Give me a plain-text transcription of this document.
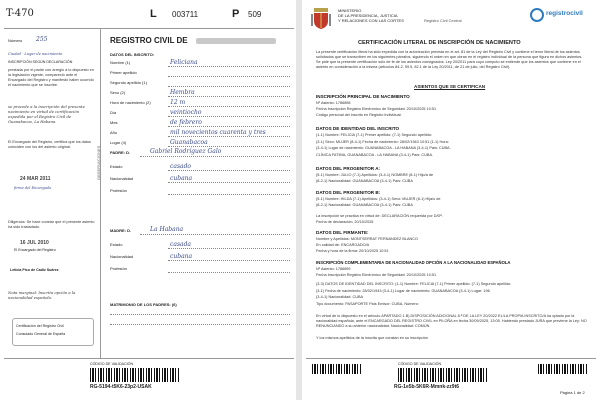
T-470	L 003711	P 509
Número 255
Ciudad · Lugar de nacimiento
INSCRIPCIÓN SEGÚN DECLARACIÓN
prestada por el padre con arreglo a lo dispuesto en la legislación vigente, compareció ante el Encargado del Registro y manifestó haber ocurrido el nacimiento que se inscribe.
se procede a la inscripción del presente nacimiento en virtud de certificación expedida por el Registro Civil de Guanabacoa, La Habana.
El Encargado del Registro, certifica que los datos coinciden con los del asiento original.
24 MAR 2011
firma del Encargado
Diligencia: Se hace constar que el presente asiento ha sido trasladado.
16 JUL 2010
El Encargado del Registro
Leticia Pico de Cadiz Suárez
Nota marginal: Inscrita opción a la nacionalidad española.
Certificación del Registro Civil
Consulado General de España
REGISTRO CIVIL DE
DATOS DEL INSCRITO:
Nombre (1)	Feliciana
Primer apellido
Segundo apellido (1)
Sexo (2)	Hembra
Hora de nacimiento (2)	12 m
Día	veintiocho
Mes	de febrero
Año	mil novecientos cuarenta y tres
Lugar (4)	Guanabacoa
PADRE: D.	Gabriel Rodríguez Galo
Estado	casado
Nacionalidad	cubana
Profesión
MADRE: D.	La Habana
Estado	casada
Nacionalidad	cubana
Profesión
MATRIMONIO DE LOS PADRES: (6)
OBSERVACIONES
CÓDIGO DE VALIDACIÓN
RG-5194-t5K6-23p2-USAK
MINISTERIO
DE LA PRESIDENCIA, JUSTICIA
Y RELACIONES CON LAS CORTES	Registro Civil Central
registrocivil
CERTIFICACIÓN LITERAL DE INSCRIPCIÓN DE NACIMIENTO
La presente certificación literal ha sido expedida con la autorización prevista en el art. 81 de la Ley del Registro Civil y contiene el tenor literal de los asientos solicitados que se transcriben en los siguientes párrafos, siguiendo el orden en que obran en el registro individual de la persona que figura en dichos asientos. Se pide que la presente certificación sólo de fe de los asientos consignados. Ley 20/2011 para cuyo cómputo se entiende que los asientos que contiene en el asiento en consideración a la misma (artículos 84-2, 59.5, 82.1 de la Ley 20/2011, de 21 de julio, del Registro Civil).
ASIENTOS QUE SE CERTIFICAN
INSCRIPCIÓN PRINCIPAL DE NACIMIENTO
Nº Asiento: 1786898
Fecha Inscripción Registro Electrónico de Seguridad: 20/10/2025 10:51
Código personal del inscrito en Registro Individual:
DATOS DE IDENTIDAD DEL INSCRITO
(1-1) Nombre: FELICIA (7-1) Primer apellido: (7-1) Segundo apellido:
(3-1) Sexo: MUJER (8-4-1) Fecha de nacimiento: 28/02/1943 10:51 (1-1) Hora:
(3-4-1) Lugar de nacimiento: GUANABACOA - LA HABANA (3-4-1) País: CUBA.
CLÍNICA FATIMA, GUANABACOA - LA HABANA (3-4-1) País: CUBA.
DATOS DEL PROGENITOR A:
(5-1) Nombre: JULIO (7-1) Apellidos: (3-4-1) NOMBRE (8-1) Hijo/a de
(8-2-1) Nacionalidad: GUANABACOA (3-4-1) País: CUBA
DATOS DEL PROGENITOR B:
(5-1) Nombre: HILDA (7-1) Apellidos: (3-4-1) Sexo: MUJER (8-1) Hija/o de
(8-2-1) Nacionalidad: GUANABACOA (3-4-1) País: CUBA
La inscripción se practica en virtud de: DECLARACIÓN requerida por D/Dª.
Fecha de declaración: 20/10/2025
DATOS DEL FIRMANTE:
Nombre y Apellidos: MONTSERRAT FERNANDEZ BLANCO
En calidad de: ENCARGADO/A
Fecha y hora de la firma: 20/10/2025 10:51
INSCRIPCIÓN COMPLEMENTARIA DE NACIONALIDAD OPCIÓN A LA NACIONALIDAD ESPAÑOLA
Nº Asiento: 1786899
Fecha Inscripción Registro Electrónico de Seguridad: 20/10/2025 10:51
(3-3) DATOS DE IDENTIDAD DEL INSCRITO: (1-1) Nombre: FELICIA (7-1) Primer apellido: (7-1) Segundo apellido:
(3-1) Fecha de nacimiento: 28/02/1943 (3-4-1) Lugar de nacimiento: GUANABACOA (3-4-1) Lugar: 196
(3-4-1) Nacionalidad: CUBA
Tipo documento: PASAPORTE País Emisor: CUBA, Número:
En virtud de lo dispuesto en el artículo APARTADO 1.B) DISPOSICIÓN ADICIONAL 8.ª DE LA LEY 20/2022 EL/LA PROPIA INSCRITO/A ha optado por la nacionalidad española, ante el ENCARGADO DEL REGISTRO CIVIL en PILOÑA en fecha 30/09/2025, 13:05. Habiendo prestado JURA que previene la Ley: NO RENUNCIANDO a su anterior nacionalidad. Nacionalidad: COMÚN
Y los mismos apellidos de la inscrita que constan en su inscripción
CÓDIGO DE VALIDACIÓN
RG-1e5b-5K6R-Mmnk-zz9t6
Página 1 de 2
